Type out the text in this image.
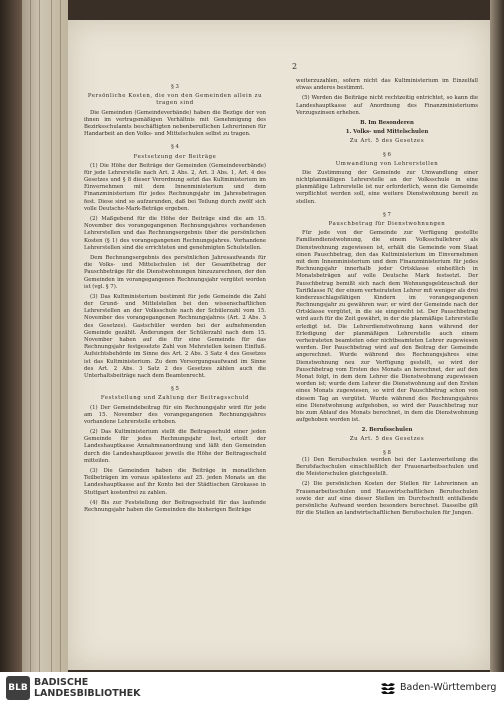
2

§ 3

Persönliche Kosten, die von den Gemeinden allein zu tragen sind

Die Gemeinden (Gemeindeverbände) haben die Bezüge der von ihnen im vertragsmäßigen Verhältnis mit Genehmigung des Bezirksschulamts beschäftigten nebenberuflichen Lehrerinnen für Handarbeit an den Volks- und Mittelschulen selbst zu tragen.

§ 4

Festsetzung der Beiträge

(1) Die Höhe der Beiträge der Gemeinden (Gemeindeverbände) für jede Lehrerstelle nach Art. 2 Abs. 2, Art. 3 Abs. 1, Art. 4 des Gesetzes und § 8 dieser Verordnung setzt das Kultministerium im Einvernehmen mit dem Innenministerium und dem Finanzministerium für jedes Rechnungsjahr im Jahresbetragen fest. Diese sind so aufzurunden, daß bei Teilung durch zwölf sich volle Deutsche-Mark-Beträge ergeben.

(2) Maßgebend für die Höhe der Beiträge sind die am 15. November des vorangegangenen Rechnungsjahres vorhandenen Lehrerstellen und das Rechnungsergebnis über die persönlichen Kosten (§ 1) des vorangegangenen Rechnungsjahres. Vorhandene Lehrerstellen sind die errichteten und genehmigten Schulstellen.

Dem Rechnungsergebnis des persönlichen Jahresaufwands für die Volks- und Mittelschulen ist der Gesamtbetrag der Pauschbeträge für die Dienstwohnungen hinzuzurechnen, der den Gemeinden im vorangegangenen Rechnungsjahr vergütet worden ist (vgl. § 7).

(3) Das Kultministerium bestimmt für jede Gemeinde die Zahl der Grund- und Mittelstellen bei den wissenschaftlichen Lehrerstellen an der Volksschule nach der Schülerzahl vom 15. November des vorangegangenen Rechnungsjahres (Art. 2 Abs. 3 des Gesetzes). Gastschüler werden bei der aufnehmenden Gemeinde gezählt. Änderungen der Schülerzahl nach dem 15. November haben auf die für eine Gemeinde für das Rechnungsjahr festgesetzte Zahl von Mehrstellen keinen Einfluß. Aufsichtsbehörde im Sinne des Art. 2 Abs. 3 Satz 4 des Gesetzes ist das Kultministerium. Zu dem Versorgungsaufwand im Sinne des Art. 2 Abs. 3 Satz 2 des Gesetzes zählen auch die Unterhaltsbeiträge nach dem Beamtenrecht.

§ 5

Feststellung und Zahlung der Beitragsschuld

(1) Der Gemeindebeitrag für ein Rechnungsjahr wird für jede am 15. November des vorangegangenen Rechnungsjahres vorhandene Lehrerstelle erhoben.

(2) Das Kultministerium stellt die Beitragsschuld einer jeden Gemeinde für jedes Rechnungsjahr fest, erteilt der Landeshauptkasse Annahmeanordnung und läßt den Gemeinden durch die Landeshauptkasse jeweils die Höhe der Beitragsschuld mitteilen.

(3) Die Gemeinden haben die Beiträge in monatlichen Teilbeträgen im voraus spätestens auf 25. jeden Monats an die Landeshauptkasse auf ihr Konto bei der Städtischen Girokasse in Stuttgart kostenfrei zu zahlen.

(4) Bis zur Feststellung der Beitragsschuld für das laufende Rechnungsjahr haben die Gemeinden die bisherigen Beiträge

weiterzuzahlen, sofern nicht das Kultministerium im Einzelfall etwas anderes bestimmt.

(5) Werden die Beiträge nicht rechtzeitig entrichtet, so kann die Landeshauptkasse auf Anordnung des Finanzministeriums Verzugszinsen erheben.

B. Im Besonderen

1. Volks- und Mittelschulen

Zu Art. 5 des Gesetzes

§ 6

Umwandlung von Lehrerstellen

Die Zustimmung der Gemeinde zur Umwandlung einer nichtplanmäßigen Lehrerstelle an der Volksschule in eine planmäßige Lehrerstelle ist nur erforderlich, wenn die Gemeinde verpflichtet werden soll, eine weitere Dienstwohnung bereit zu stellen.

§ 7

Pauschbetrag für Dienstwohnungen

Für jede von der Gemeinde zur Verfügung gestellte Familiendienstwohnung, die einem Volksschullehrer als Dienstwohnung zugewiesen ist, erhält die Gemeinde vom Staat einen Pauschbetrag, den das Kultministerium im Einvernehmen mit dem Innenministerium und dem Finanzministerium für jedes Rechnungsjahr innerhalb jeder Ortsklasse einheitlich in Monatsbeträgen auf volle Deutsche Mark festsetzt. Der Pauschbetrag bemißt sich nach dem Wohnungsgeldzuschuß der Tarifklasse IV, der einem verheirateten Lehrer mit weniger als drei kinderzuschlagsfähigen Kindern im vorangegangenen Rechnungsjahr zu gewähren war; er wird der Gemeinde nach der Ortsklasse vergütet, in die sie eingereiht ist. Der Pauschbetrag wird auch für die Zeit gewährt, in der die planmäßige Lehrerstelle erledigt ist. Die Lehrerdienstwohnung kann während der Erledigung der planmäßigen Lehrerstelle auch einem verheirateten beamteten oder nichtbeamteten Lehrer zugewiesen werden. Der Pauschbetrag wird auf den Beitrag der Gemeinde angerechnet. Wurde während des Rechnungsjahres eine Dienstwohnung neu zur Verfügung gestellt, so wird der Pauschbetrag vom Ersten des Monats an berechnet, der auf den Monat folgt, in dem dem Lehrer die Dienstwohnung zugewiesen worden ist; wurde dem Lehrer die Dienstwohnung auf den Ersten eines Monats zugewiesen, so wird der Pauschbetrag schon von diesem Tag an vergütet. Wurde während des Rechnungsjahres eine Dienstwohnung aufgehoben, so wird der Pauschbetrag nur bis zum Ablauf des Monats berechnet, in dem die Dienstwohnung aufgehoben worden ist.

2. Berufsschulen

Zu Art. 5 des Gesetzes

§ 8

(1) Den Berufsschulen werden bei der Lastenverteilung die Berufsfachschulen einschließlich der Frauenarbeitsschulen und die Meisterschulen gleichgestellt.

(2) Die persönlichen Kosten der Stellen für Lehrerinnen an Frauenarbeitsschulen und Hauswirtschaftlichen Berufsschulen sowie der auf eine dieser Stellen im Durchschnitt entfallende persönliche Aufwand werden besonders berechnet. Dasselbe gilt für die Stellen an landwirtschaftlichen Berufsschulen für Jungen.

BLB BADISCHE
LANDESBIBLIOTHEK
Baden-Württemberg
